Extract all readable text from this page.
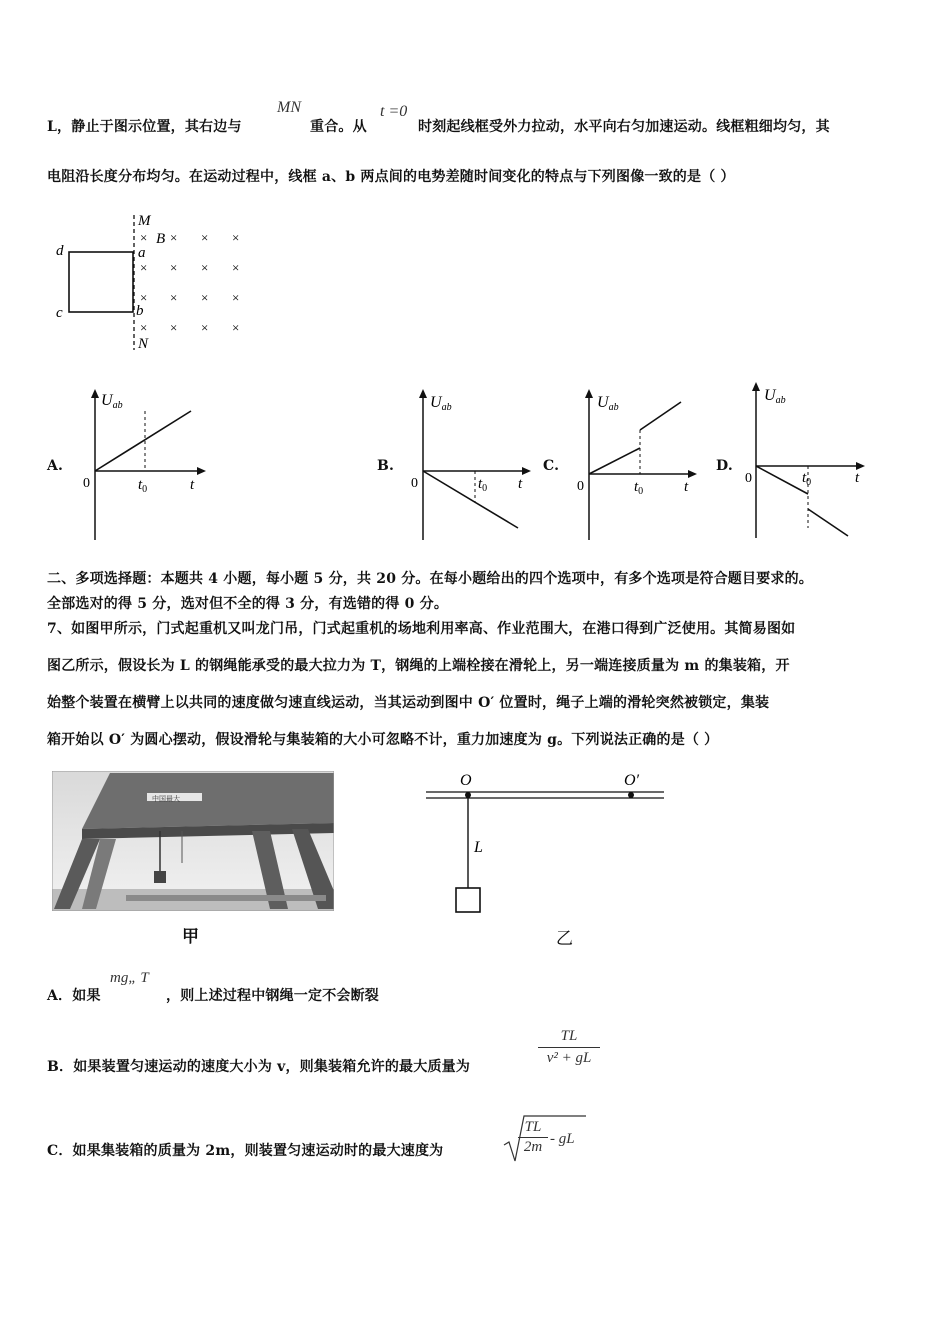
L，静止于图示位置，其右边与
MN
重合。从
t =0
时刻起线框受外力拉动，水平向右匀加速运动。线框粗细均匀，其
电阻沿长度分布均匀。在运动过程中，线框 a、b 两点间的电势差随时间变化的特点与下列图像一致的是（ ）
M
N
a
b
c
d
B
× × × ×
× × × ×
× × × ×
× × × ×
A.
Uab
0	$t_0$	t
B.
Uab
0	$t_0$ t
C.
Uab
0	$t_0$	t
D.
Uab
0	$t_0$	t
二、多项选择题：本题共 4 小题，每小题 5 分，共 20 分。在每小题给出的四个选项中，有多个选项是符合题目要求的。
全部选对的得 5 分，选对但不全的得 3 分，有选错的得 0 分。
7、如图甲所示，门式起重机又叫龙门吊，门式起重机的场地利用率高、作业范围大，在港口得到广泛使用。其简易图如
图乙所示，假设长为 L 的钢绳能承受的最大拉力为 T，钢绳的上端栓接在滑轮上，另一端连接质量为 m 的集装箱，开
始整个装置在横臂上以共同的速度做匀速直线运动，当其运动到图中 O′ 位置时，绳子上端的滑轮突然被锁定，集装
箱开始以 O′ 为圆心摆动，假设滑轮与集装箱的大小可忽略不计，重力加速度为 g。下列说法正确的是（ ）
中国最大
甲
O	O′
L
乙
A．如果
mg„ T
，则上述过程中钢绳一定不会断裂
B．如果装置匀速运动的速度大小为 v，则集装箱允许的最大质量为
TL
v² + gL
C．如果集装箱的质量为 2m，则装置匀速运动时的最大速度为
TL
2m - gL
